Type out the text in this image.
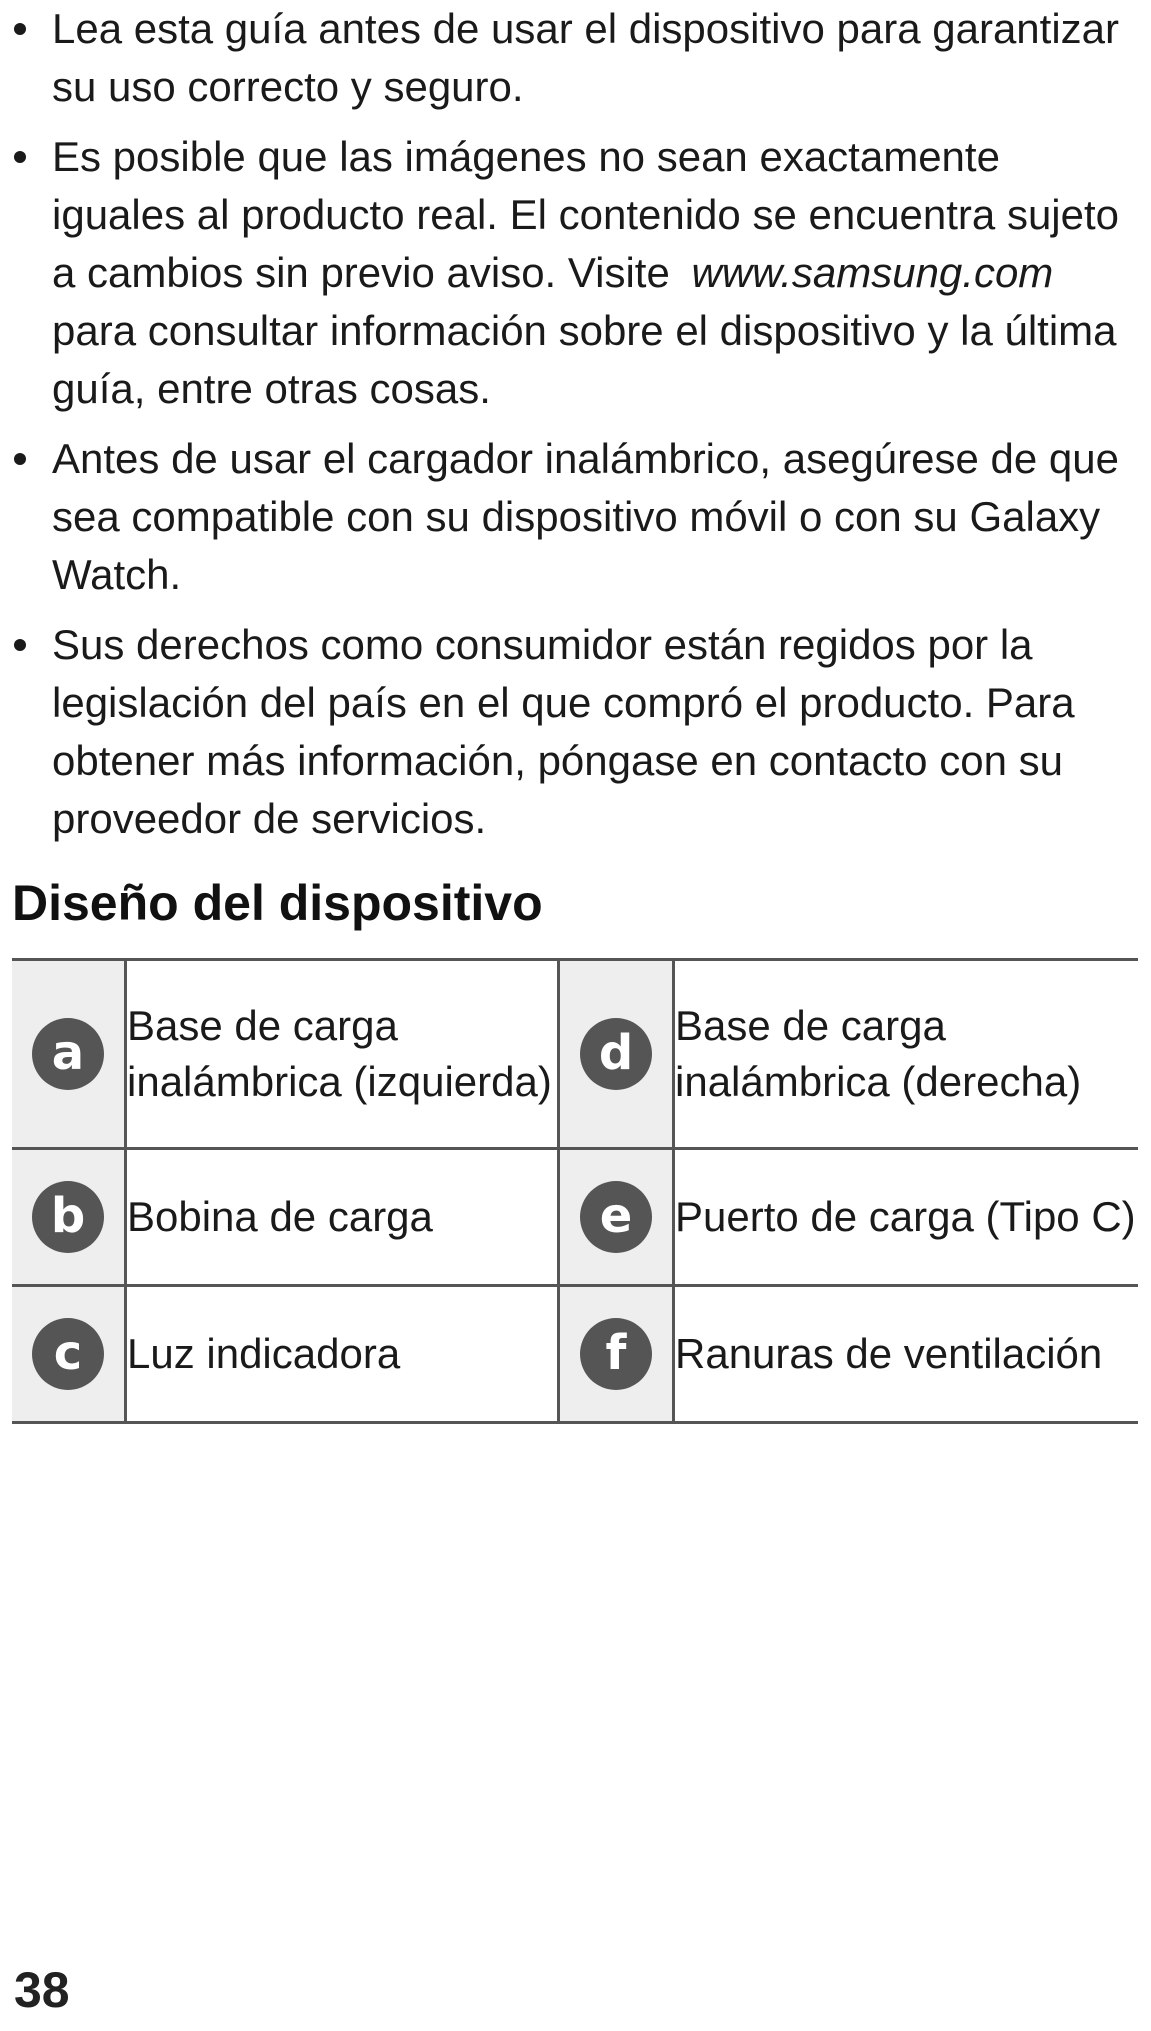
Lea esta guía antes de usar el dispositivo para garantizar su uso correcto y seguro.
Es posible que las imágenes no sean exactamente iguales al producto real. El contenido se encuentra sujeto a cambios sin previo aviso. Visite www.samsung.com para consultar información sobre el dispositivo y la última guía, entre otras cosas.
Antes de usar el cargador inalámbrico, asegúrese de que sea compatible con su dispositivo móvil o con su Galaxy Watch.
Sus derechos como consumidor están regidos por la legislación del país en el que compró el producto. Para obtener más información, póngase en contacto con su proveedor de servicios.
Diseño del dispositivo
a	Base de carga inalámbrica (izquierda)	d	Base de carga inalámbrica (derecha)
b	Bobina de carga	e	Puerto de carga (Tipo C)
c	Luz indicadora	f	Ranuras de ventilación
38
